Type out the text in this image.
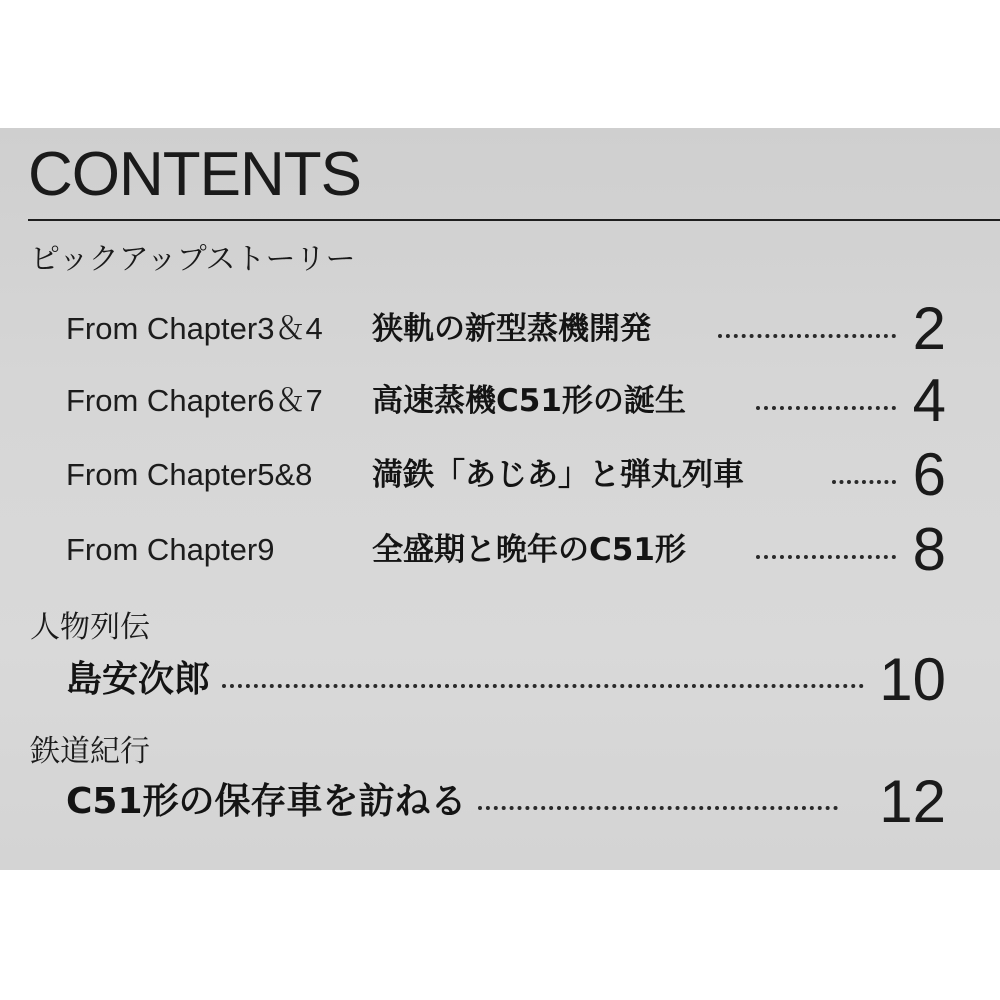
CONTENTS
ピックアップストーリー
From Chapter3＆4 狭軌の新型蒸機開発	2
From Chapter6＆7 高速蒸機C51形の誕生	4
From Chapter5&8 満鉄「あじあ」と弾丸列車	6
From Chapter9	全盛期と晩年のC51形	8
人物列伝
島安次郎	10
鉄道紀行
C51形の保存車を訪ねる	12
